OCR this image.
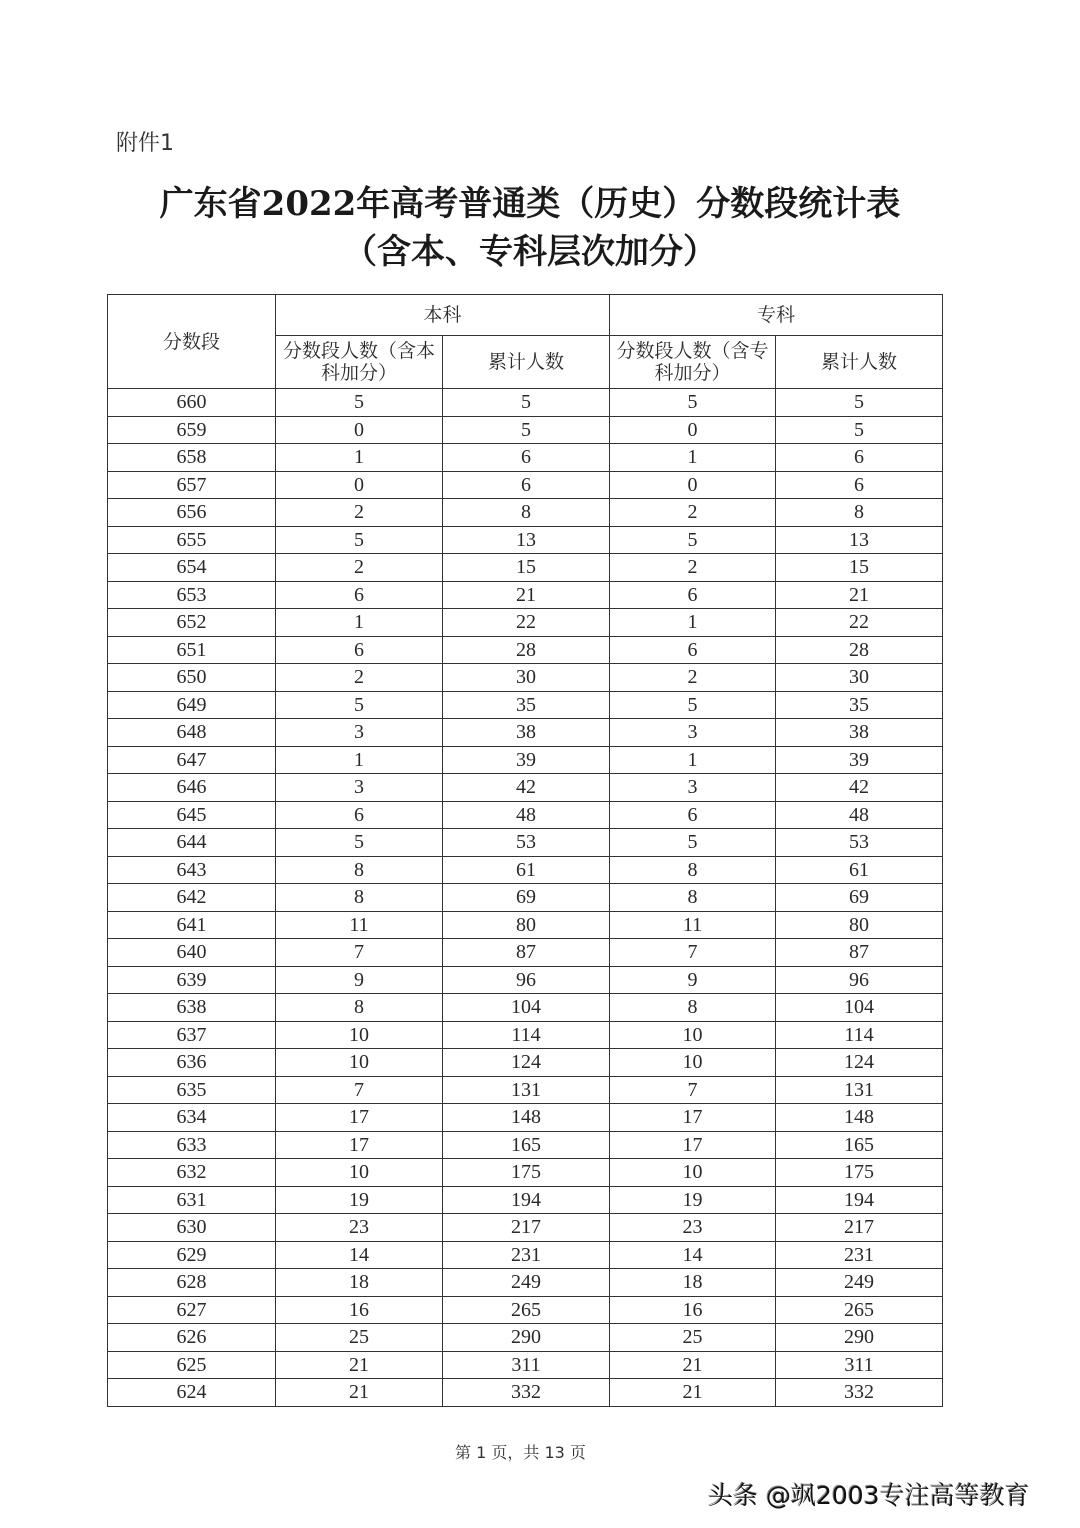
附件1
广东省2022年高考普通类（历史）分数段统计表
（含本、专科层次加分）
分数段	本科		专科	
	分数段人数（含本科加分）	累计人数	分数段人数（含专科加分）	累计人数
660	5	5	5	5
659	0	5	0	5
658	1	6	1	6
657	0	6	0	6
656	2	8	2	8
655	5	13	5	13
654	2	15	2	15
653	6	21	6	21
652	1	22	1	22
651	6	28	6	28
650	2	30	2	30
649	5	35	5	35
648	3	38	3	38
647	1	39	1	39
646	3	42	3	42
645	6	48	6	48
644	5	53	5	53
643	8	61	8	61
642	8	69	8	69
641	11	80	11	80
640	7	87	7	87
639	9	96	9	96
638	8	104	8	104
637	10	114	10	114
636	10	124	10	124
635	7	131	7	131
634	17	148	17	148
633	17	165	17	165
632	10	175	10	175
631	19	194	19	194
630	23	217	23	217
629	14	231	14	231
628	18	249	18	249
627	16	265	16	265
626	25	290	25	290
625	21	311	21	311
624	21	332	21	332
第 1 页，共 13 页
头条 @飒2003专注高等教育
